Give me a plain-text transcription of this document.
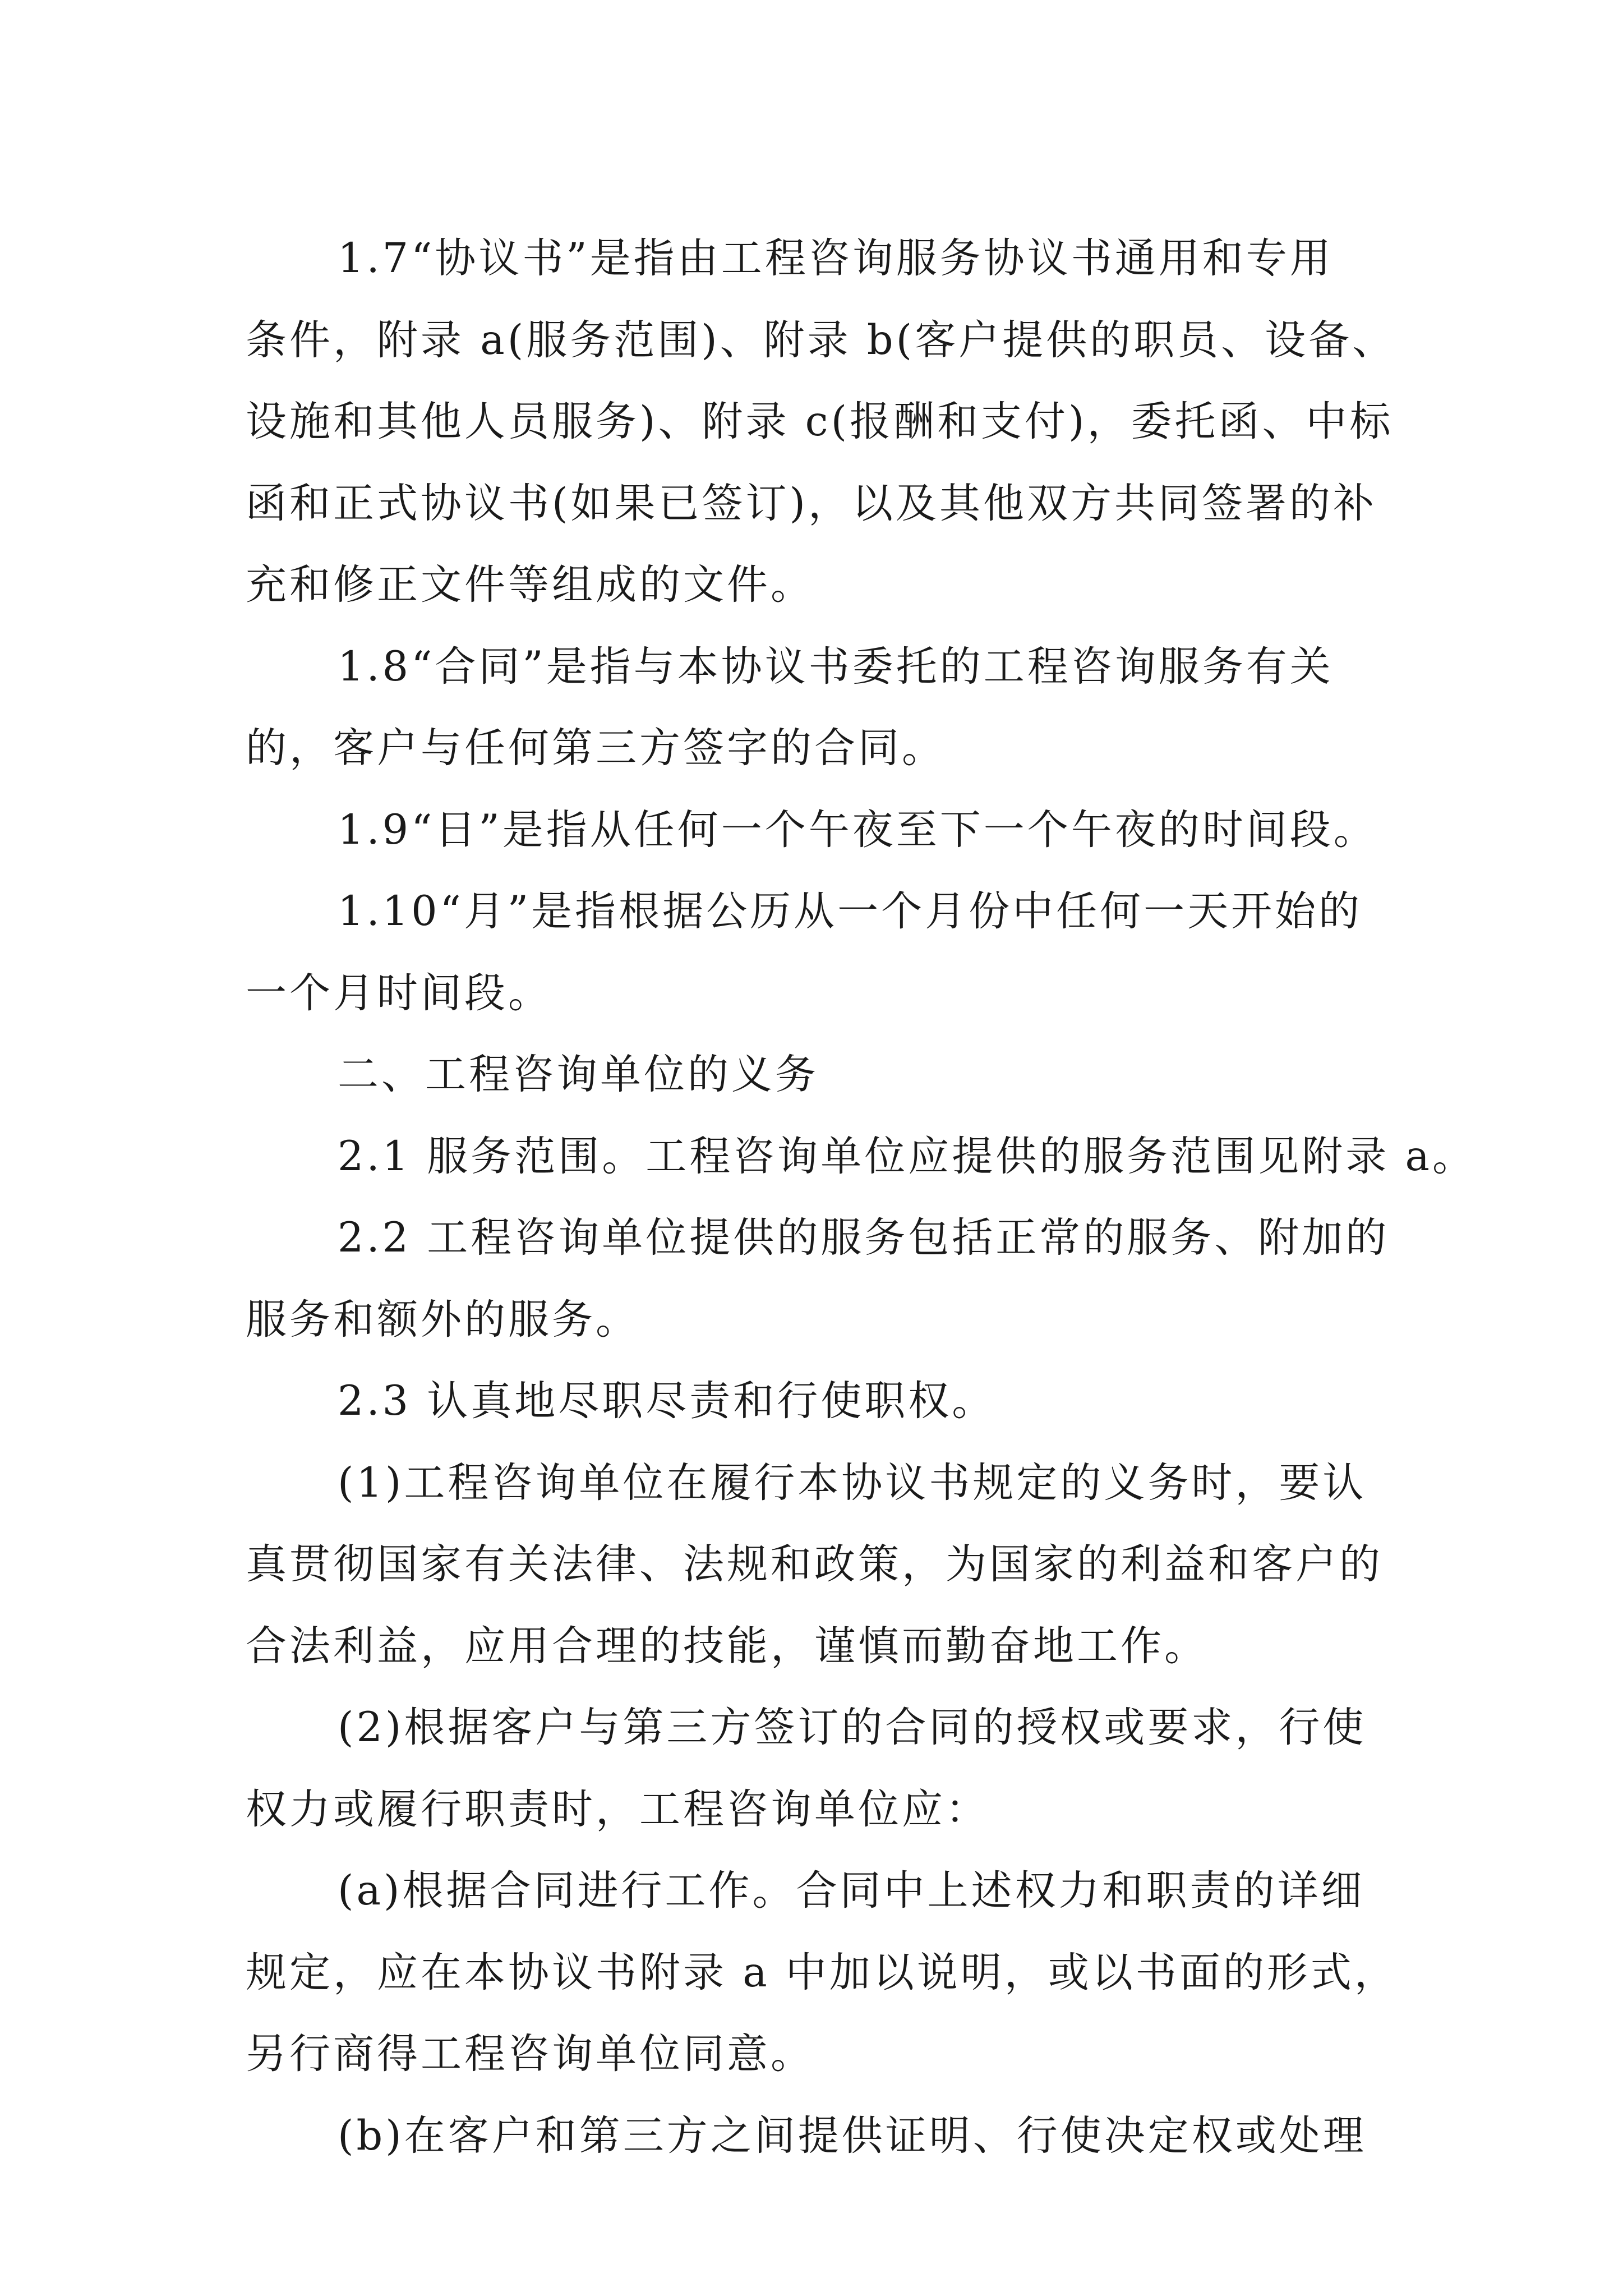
1.7“协议书”是指由工程咨询服务协议书通用和专用
条件，附录 a(服务范围)、附录 b(客户提供的职员、设备、
设施和其他人员服务)、附录 c(报酬和支付)，委托函、中标
函和正式协议书(如果已签订)，以及其他双方共同签署的补
充和修正文件等组成的文件。
1.8“合同”是指与本协议书委托的工程咨询服务有关
的，客户与任何第三方签字的合同。
1.9“日”是指从任何一个午夜至下一个午夜的时间段。
1.10“月”是指根据公历从一个月份中任何一天开始的
一个月时间段。
二、工程咨询单位的义务
2.1 服务范围。工程咨询单位应提供的服务范围见附录 a。
2.2 工程咨询单位提供的服务包括正常的服务、附加的
服务和额外的服务。
2.3 认真地尽职尽责和行使职权。
(1)工程咨询单位在履行本协议书规定的义务时，要认
真贯彻国家有关法律、法规和政策，为国家的利益和客户的
合法利益，应用合理的技能，谨慎而勤奋地工作。
(2)根据客户与第三方签订的合同的授权或要求，行使
权力或履行职责时，工程咨询单位应：
(a)根据合同进行工作。合同中上述权力和职责的详细
规定，应在本协议书附录 a 中加以说明，或以书面的形式，
另行商得工程咨询单位同意。
(b)在客户和第三方之间提供证明、行使决定权或处理
